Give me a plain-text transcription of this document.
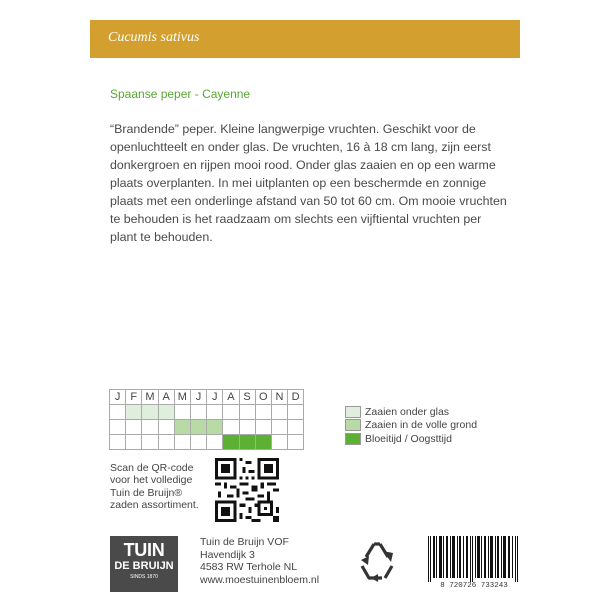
Cucumis sativus
Spaanse peper - Cayenne
“Brandende” peper. Kleine langwerpige vruchten. Geschikt voor de openluchtteelt en onder glas. De vruchten, 16 à 18 cm lang, zijn eerst donkergroen en rijpen mooi rood. Onder glas zaaien en op een warme plaats overplanten. In mei uitplanten op een beschermde en zonnige plaats met een onderlinge afstand van 50 tot 60 cm. Om mooie vruchten te behouden is het raadzaam om slechts een vijftiental vruchten per plant te behouden.
J	F	M	A	M	J	J	A	S	O	N	D

Zaaien onder glas
Zaaien in de volle grond
Bloeitijd / Oogsttijd
Scan de QR-code
voor het volledige
Tuin de Bruijn®
zaden assortiment.
TUIN
DE BRUIJN
SINDS 1870
Tuin de Bruijn VOF
Havendijk 3
4583 RW Terhole NL
www.moestuinenbloem.nl
8 720726 733243
